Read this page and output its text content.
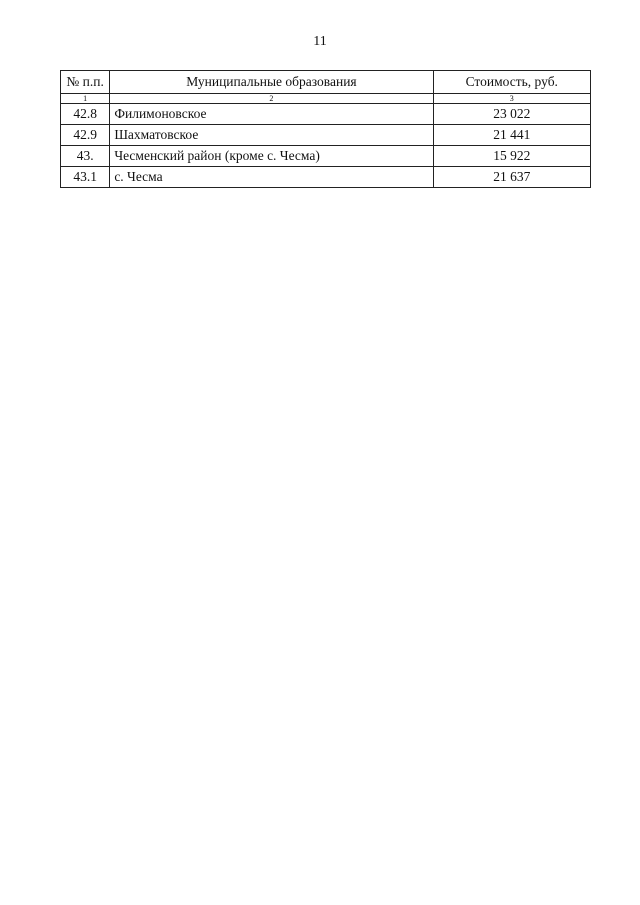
11
№ п.п.	Муниципальные образования	Стоимость, руб.
1	2	3
42.8	Филимоновское	23 022
42.9	Шахматовское	21 441
43.	Чесменский район (кроме с. Чесма)	15 922
43.1	с. Чесма	21 637
